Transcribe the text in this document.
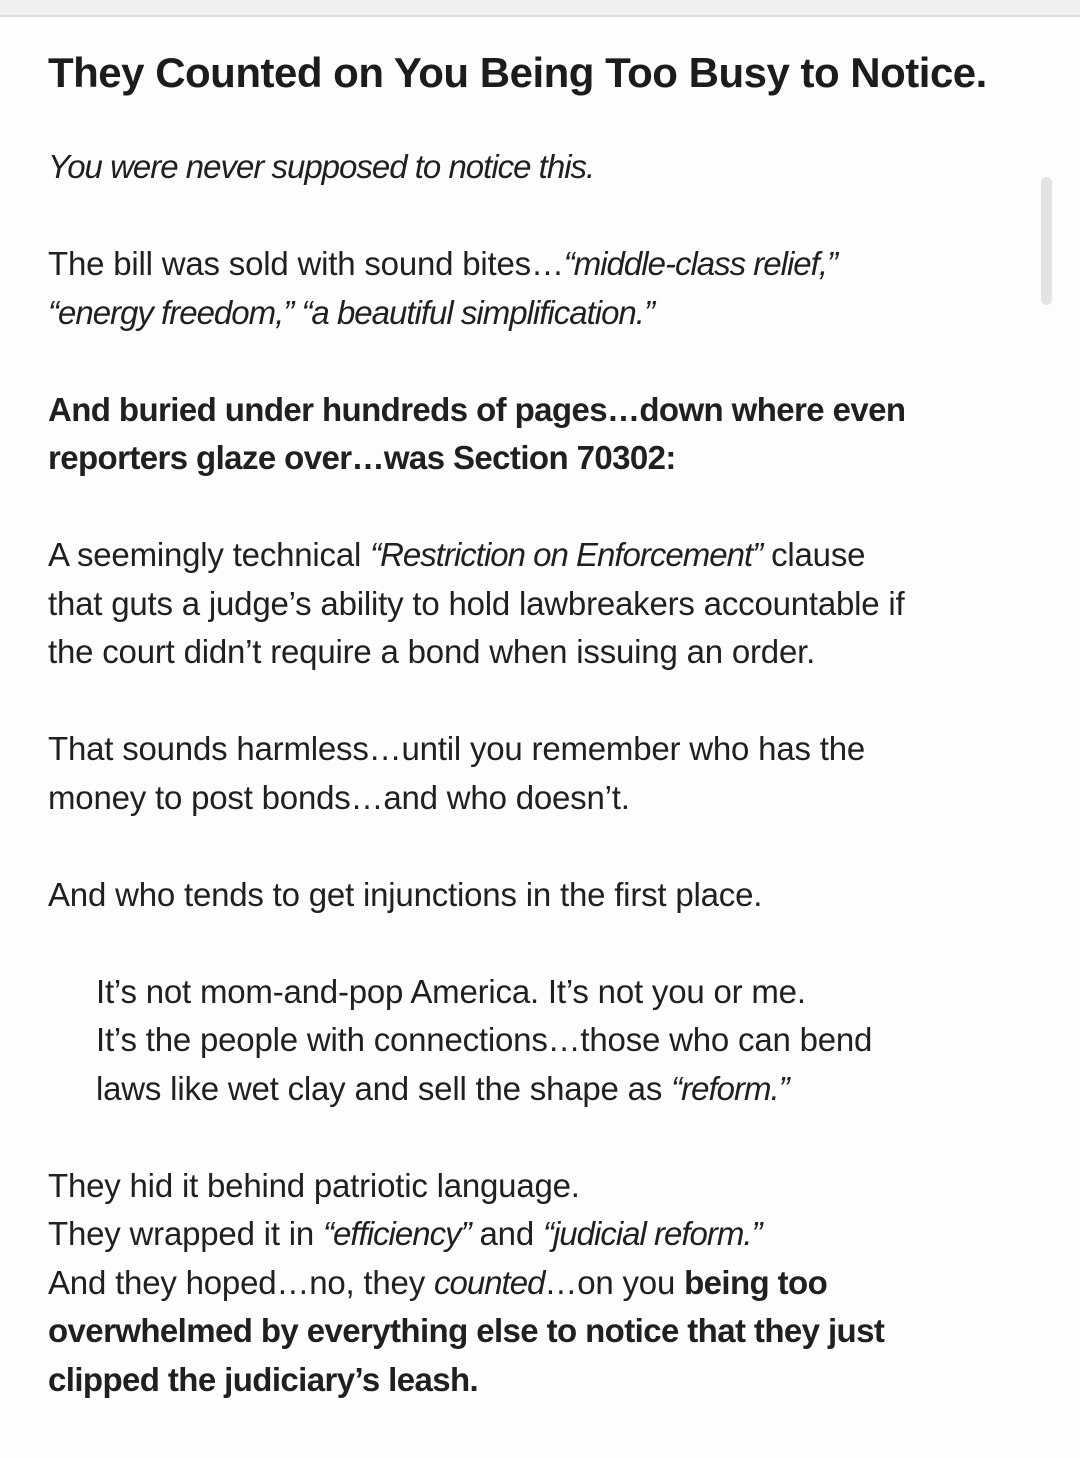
They Counted on You Being Too Busy to Notice.

You were never supposed to notice this.

The bill was sold with sound bites…“middle-class relief,”
“energy freedom,” “a beautiful simplification.”

And buried under hundreds of pages…down where even
reporters glaze over…was Section 70302:

A seemingly technical “Restriction on Enforcement” clause
that guts a judge’s ability to hold lawbreakers accountable if
the court didn’t require a bond when issuing an order.

That sounds harmless…until you remember who has the
money to post bonds…and who doesn’t.

And who tends to get injunctions in the first place.

It’s not mom-and-pop America. It’s not you or me.
It’s the people with connections…those who can bend
laws like wet clay and sell the shape as “reform.”

They hid it behind patriotic language.
They wrapped it in “efficiency” and “judicial reform.”
And they hoped…no, they counted…on you being too
overwhelmed by everything else to notice that they just
clipped the judiciary’s leash.
